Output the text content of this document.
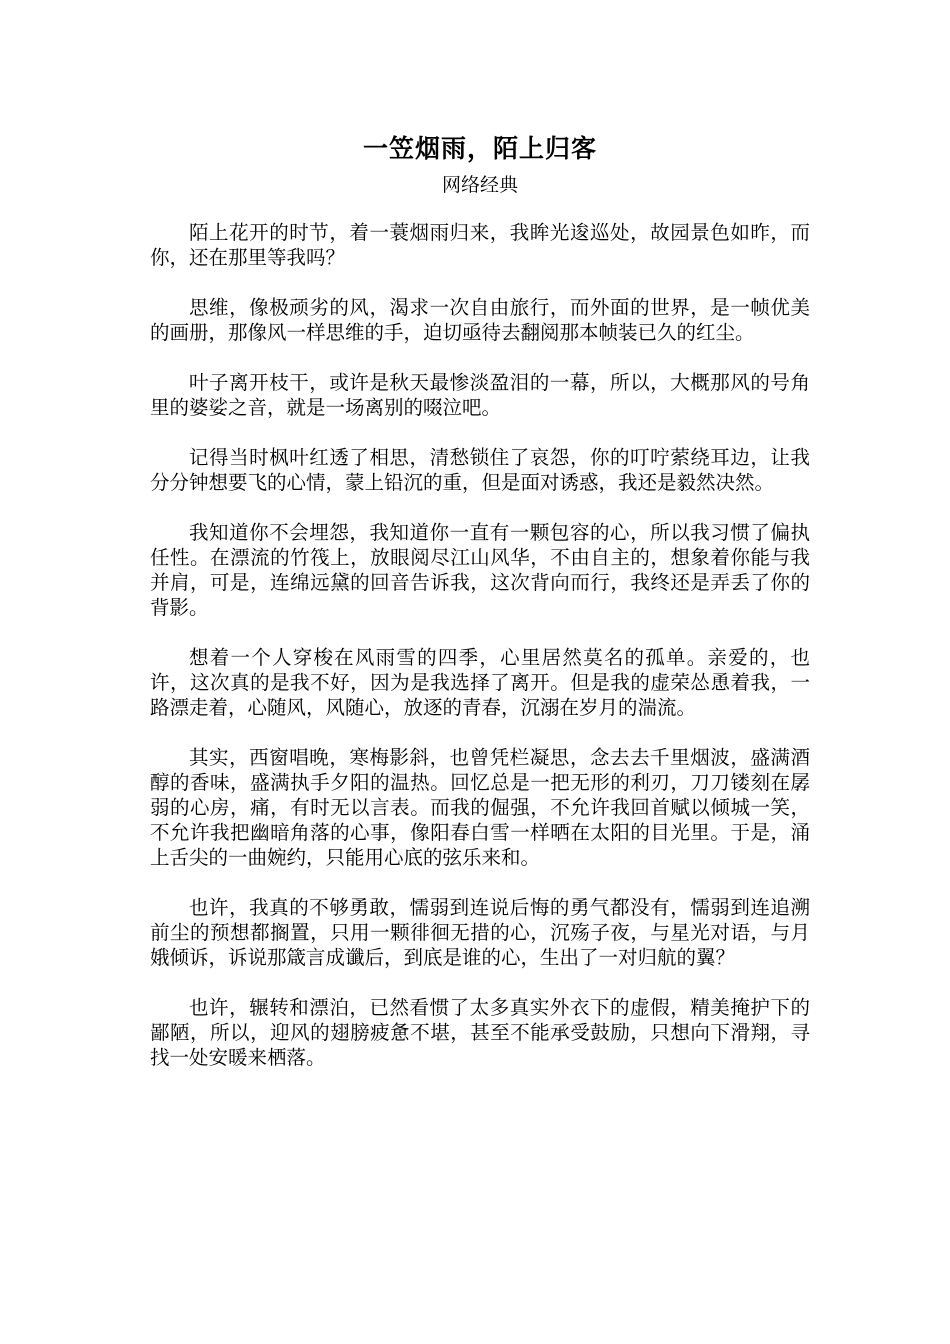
一笠烟雨，陌上归客
网络经典

陌上花开的时节，着一蓑烟雨归来，我眸光逡巡处，故园景色如昨，而你，还在那里等我吗？

思维，像极顽劣的风，渴求一次自由旅行，而外面的世界，是一帧优美的画册，那像风一样思维的手，迫切亟待去翻阅那本帧装已久的红尘。

叶子离开枝干，或许是秋天最惨淡盈泪的一幕，所以，大概那风的号角里的婆娑之音，就是一场离别的啜泣吧。

记得当时枫叶红透了相思，清愁锁住了哀怨，你的叮咛萦绕耳边，让我分分钟想要飞的心情，蒙上铅沉的重，但是面对诱惑，我还是毅然决然。

我知道你不会埋怨，我知道你一直有一颗包容的心，所以我习惯了偏执任性。在漂流的竹筏上，放眼阅尽江山风华，不由自主的，想象着你能与我并肩，可是，连绵远黛的回音告诉我，这次背向而行，我终还是弄丢了你的背影。

想着一个人穿梭在风雨雪的四季，心里居然莫名的孤单。亲爱的，也许，这次真的是我不好，因为是我选择了离开。但是我的虚荣怂恿着我，一路漂走着，心随风，风随心，放逐的青春，沉溺在岁月的湍流。

其实，西窗唱晚，寒梅影斜，也曾凭栏凝思，念去去千里烟波，盛满酒醇的香味，盛满执手夕阳的温热。回忆总是一把无形的利刃，刀刀镂刻在孱弱的心房，痛，有时无以言表。而我的倔强，不允许我回首赋以倾城一笑，不允许我把幽暗角落的心事，像阳春白雪一样晒在太阳的目光里。于是，涌上舌尖的一曲婉约，只能用心底的弦乐来和。

也许，我真的不够勇敢，懦弱到连说后悔的勇气都没有，懦弱到连追溯前尘的预想都搁置，只用一颗徘徊无措的心，沉殇子夜，与星光对语，与月娥倾诉，诉说那箴言成谶后，到底是谁的心，生出了一对归航的翼？

也许，辗转和漂泊，已然看惯了太多真实外衣下的虚假，精美掩护下的鄙陋，所以，迎风的翅膀疲惫不堪，甚至不能承受鼓励，只想向下滑翔，寻找一处安暖来栖落。
